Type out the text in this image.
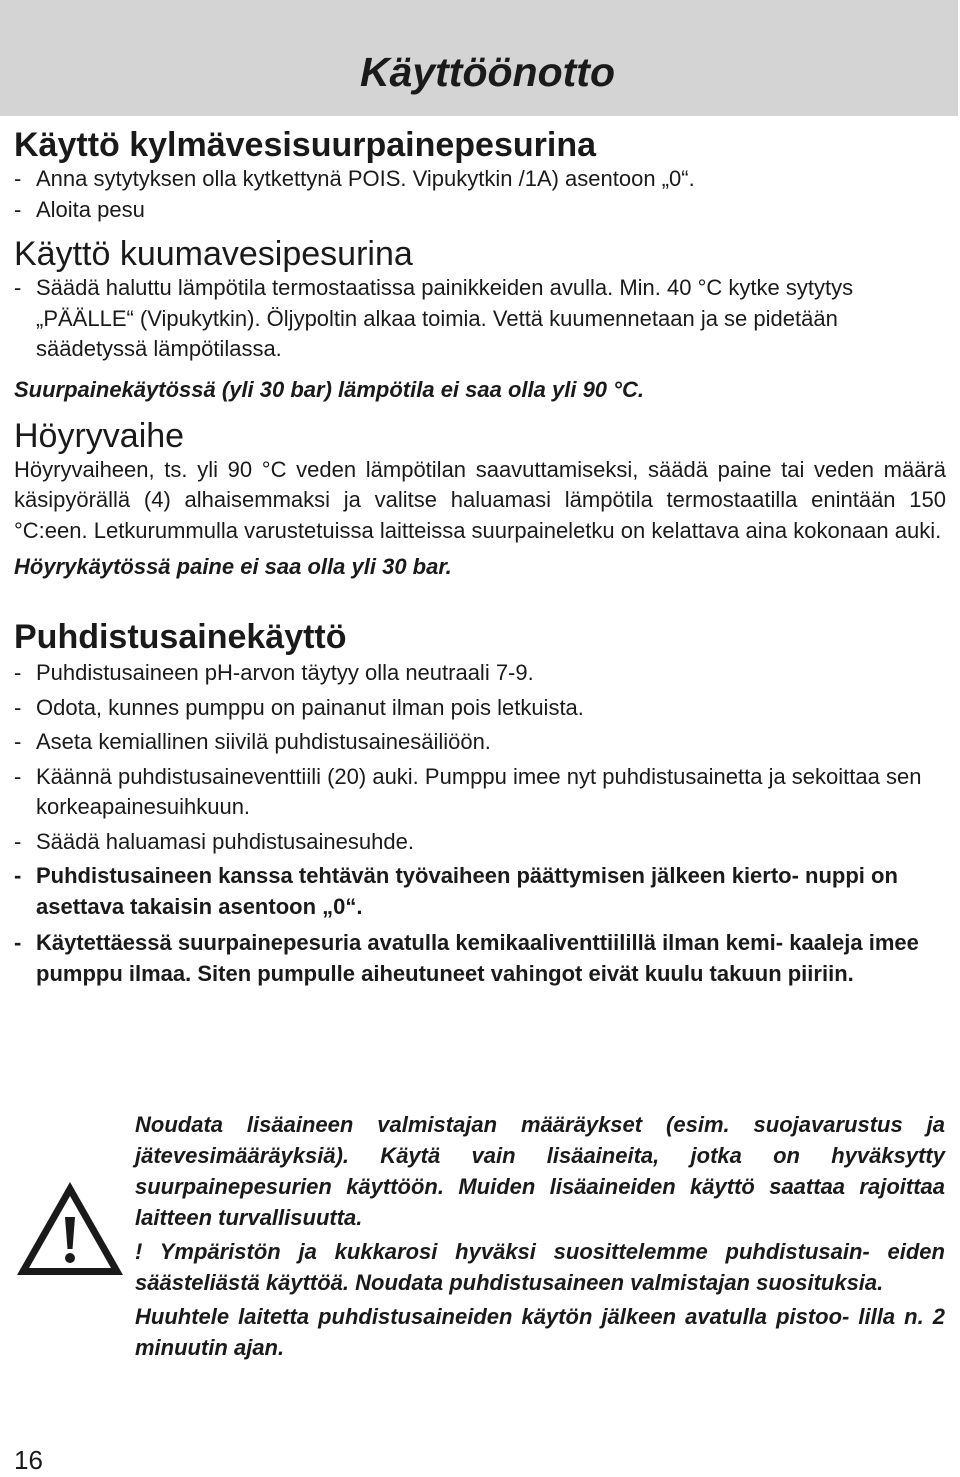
Käyttöönotto
Käyttö kylmävesisuurpainepesurina
- Anna sytytyksen olla kytkettynä POIS. Vipukytkin /1A) asentoon „0“.
- Aloita pesu
Käyttö kuumavesipesurina
- Säädä haluttu lämpötila termostaatissa painikkeiden avulla. Min. 40 °C kytke sytytys „PÄÄLLE“ (Vipukytkin). Öljypoltin alkaa toimia. Vettä kuumennetaan ja se pidetään säädetyssä lämpötilassa.

Suurpainekäytössä (yli 30 bar) lämpötila ei saa olla yli 90 °C.

Höyryvaihe

Höyryvaiheen, ts. yli 90 °C veden lämpötilan saavuttamiseksi, säädä paine tai veden määrä käsipyörällä (4) alhaisemmaksi ja valitse haluamasi lämpötila termostaatilla enintään 150 °C:een. Letkurummulla varustetuissa laitteissa suurpaineletku on kelattava aina kokonaan auki.

Höyrykäytössä paine ei saa olla yli 30 bar.

Puhdistusainekäyttö
- Puhdistusaineen pH-arvon täytyy olla neutraali 7-9.
- Odota, kunnes pumppu on painanut ilman pois letkuista.
- Aseta kemiallinen siivilä puhdistusainesäiliöön.
- Käännä puhdistusaineventtiili (20) auki. Pumppu imee nyt puhdistusainetta ja sekoittaa sen korkeapainesuihkuun.
- Säädä haluamasi puhdistusainesuhde.
- Puhdistusaineen kanssa tehtävän työvaiheen päättymisen jälkeen kierto- nuppi on asettava takaisin asentoon „0“.
- Käytettäessä suurpainepesuria avatulla kemikaaliventtiilillä ilman kemi- kaaleja imee pumppu ilmaa. Siten pumpulle aiheutuneet vahingot eivät kuulu takuun piiriin.

Noudata lisäaineen valmistajan määräykset (esim. suojavarustus ja jätevesimääräyksiä). Käytä vain lisäaineita, jotka on hyväksytty suurpainepesurien käyttöön. Muiden lisäaineiden käyttö saattaa rajoittaa laitteen turvallisuutta.

! Ympäristön ja kukkarosi hyväksi suosittelemme puhdistusain- eiden säästeliästä käyttöä. Noudata puhdistusaineen valmistajan suosituksia.

Huuhtele laitetta puhdistusaineiden käytön jälkeen avatulla pistoo- lilla n. 2 minuutin ajan.

16
